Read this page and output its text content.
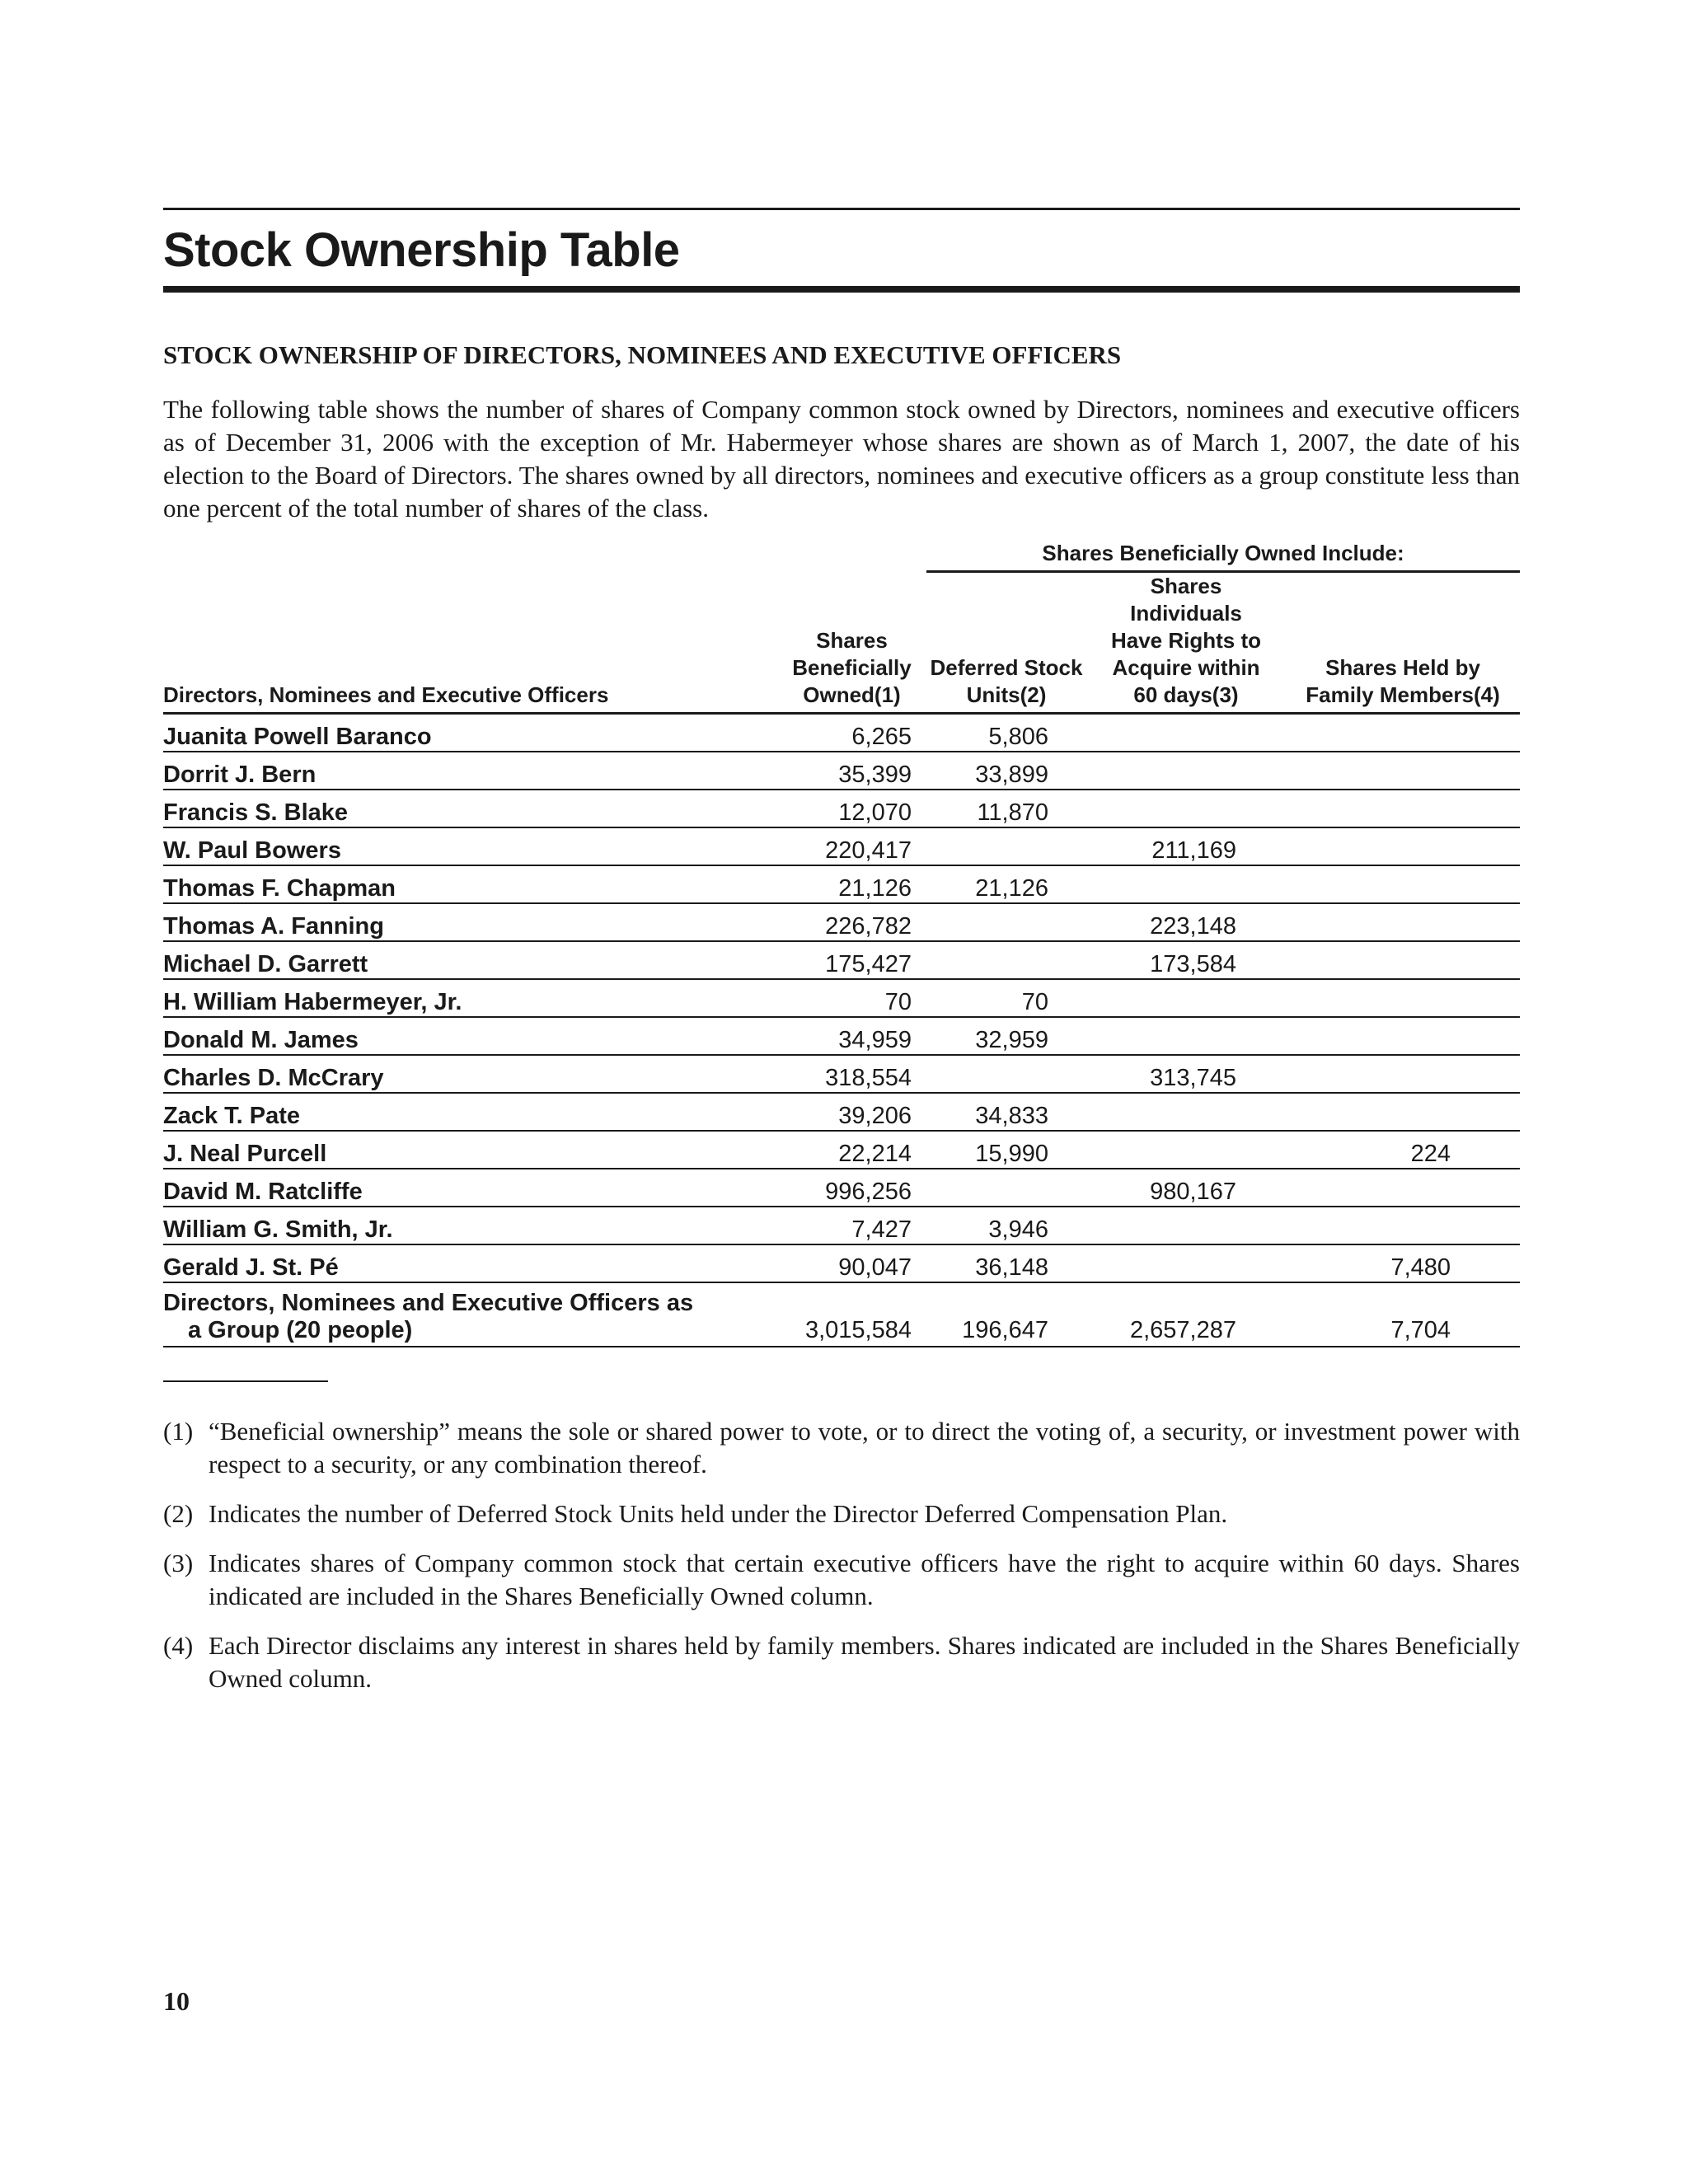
Stock Ownership Table
STOCK OWNERSHIP OF DIRECTORS, NOMINEES AND EXECUTIVE OFFICERS

The following table shows the number of shares of Company common stock owned by Directors, nominees and executive officers as of December 31, 2006 with the exception of Mr. Habermeyer whose shares are shown as of March 1, 2007, the date of his election to the Board of Directors. The shares owned by all directors, nominees and executive officers as a group constitute less than one percent of the total number of shares of the class.

		Shares Beneficially Owned Include:		
Directors, Nominees and Executive Officers	Shares
Beneficially
Owned(1)	Deferred Stock
Units(2)	Shares
Individuals
Have Rights to
Acquire within
60 days(3)	Shares Held by
Family Members(4)

Juanita Powell Baranco	6,265	5,806		
Dorrit J. Bern	35,399	33,899		
Francis S. Blake	12,070	11,870		
W. Paul Bowers	220,417		211,169	
Thomas F. Chapman	21,126	21,126		
Thomas A. Fanning	226,782		223,148	
Michael D. Garrett	175,427		173,584	
H. William Habermeyer, Jr.	70	70		
Donald M. James	34,959	32,959		
Charles D. McCrary	318,554		313,745	
Zack T. Pate	39,206	34,833		
J. Neal Purcell	22,214	15,990		224
David M. Ratcliffe	996,256		980,167	
William G. Smith, Jr.	7,427	3,946		
Gerald J. St. Pé	90,047	36,148		7,480

Directors, Nominees and Executive Officers as
a Group (20 people)	3,015,584	196,647	2,657,287	7,704
(1) “Beneficial ownership” means the sole or shared power to vote, or to direct the voting of, a security, or investment power with respect to a security, or any combination thereof.
(2) Indicates the number of Deferred Stock Units held under the Director Deferred Compensation Plan.
(3) Indicates shares of Company common stock that certain executive officers have the right to acquire within 60 days. Shares indicated are included in the Shares Beneficially Owned column.
(4) Each Director disclaims any interest in shares held by family members. Shares indicated are included in the Shares Beneficially Owned column.
10
